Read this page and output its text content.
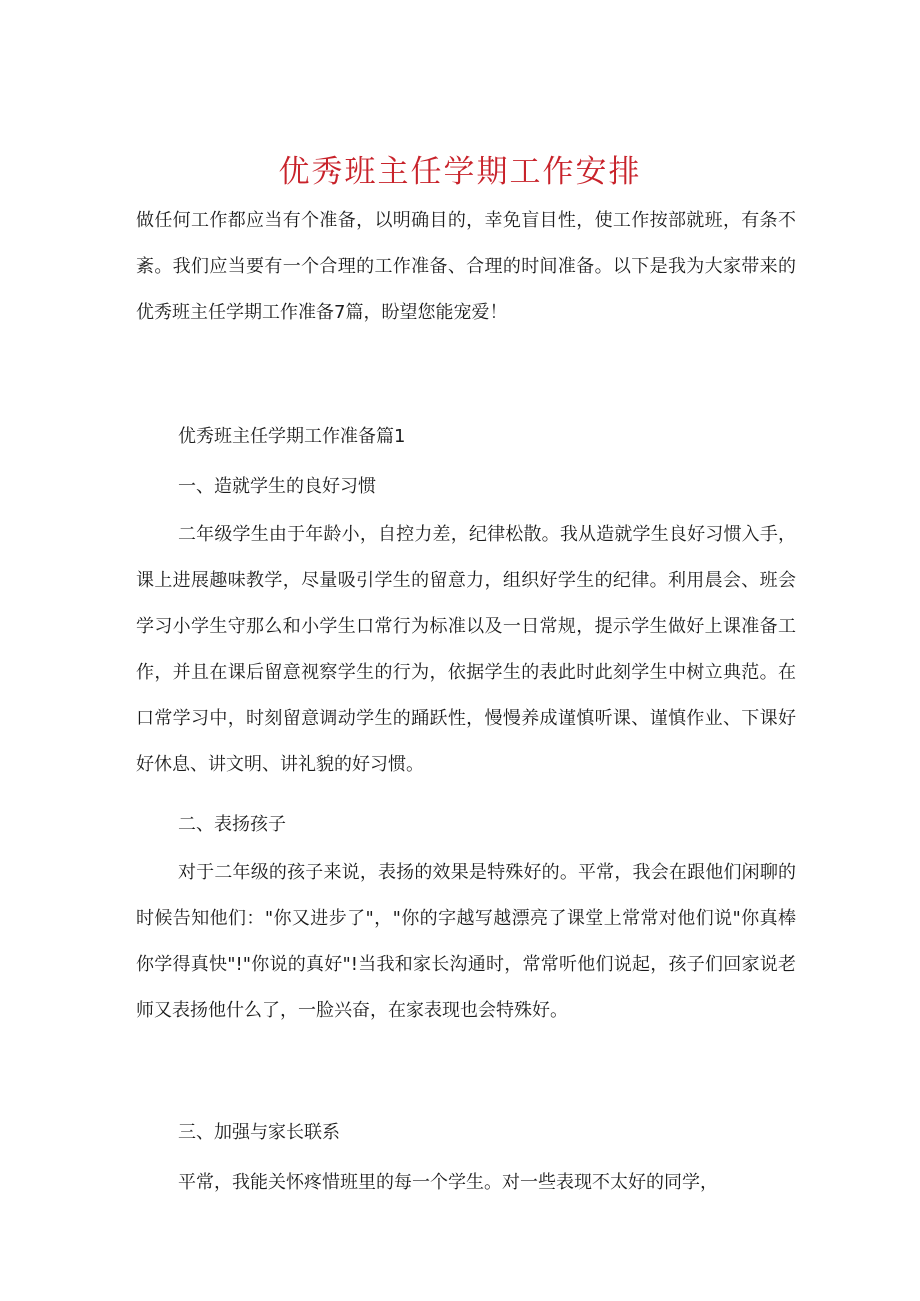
优秀班主任学期工作安排

做任何工作都应当有个准备，以明确目的，幸免盲目性，使工作按部就班，有条不紊。我们应当要有一个合理的工作准备、合理的时间准备。以下是我为大家带来的优秀班主任学期工作准备7篇，盼望您能宠爱！

优秀班主任学期工作准备篇1

一、造就学生的良好习惯

二年级学生由于年龄小，自控力差，纪律松散。我从造就学生良好习惯入手，课上进展趣味教学，尽量吸引学生的留意力，组织好学生的纪律。利用晨会、班会学习小学生守那么和小学生口常行为标准以及一日常规，提示学生做好上课准备工作，并且在课后留意视察学生的行为，依据学生的表此时此刻学生中树立典范。在口常学习中，时刻留意调动学生的踊跃性，慢慢养成谨慎听课、谨慎作业、下课好好休息、讲文明、讲礼貌的好习惯。

二、表扬孩子

对于二年级的孩子来说，表扬的效果是特殊好的。平常，我会在跟他们闲聊的时候告知他们："你又进步了"，"你的字越写越漂亮了课堂上常常对他们说"你真棒你学得真快"!"你说的真好"!当我和家长沟通时，常常听他们说起，孩子们回家说老师又表扬他什么了，一脸兴奋，在家表现也会特殊好。

三、加强与家长联系

平常，我能关怀疼惜班里的每一个学生。对一些表现不太好的同学，
